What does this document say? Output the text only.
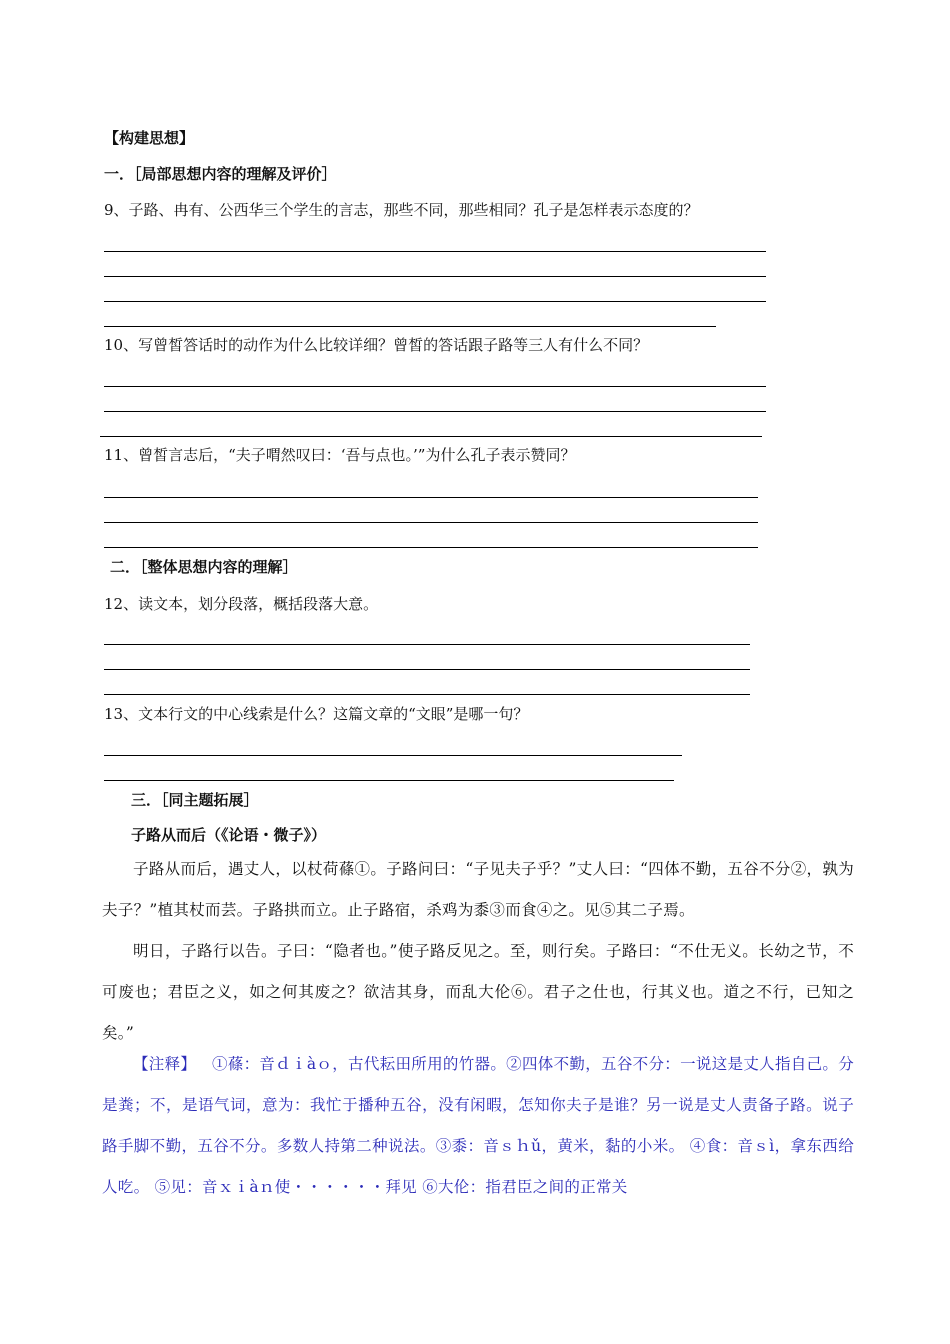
【构建思想】
一．［局部思想内容的理解及评价］
9、子路、冉有、公西华三个学生的言志，那些不同，那些相同？孔子是怎样表示态度的？
10、写曾皙答话时的动作为什么比较详细？曾皙的答话跟子路等三人有什么不同？
11、曾皙言志后，“夫子喟然叹曰：‘吾与点也。’”为什么孔子表示赞同？
二．［整体思想内容的理解］
12、读文本，划分段落，概括段落大意。
13、文本行文的中心线索是什么？这篇文章的“文眼”是哪一句？
三．［同主题拓展］
子路从而后（《论语・微子》）
子路从而后，遇丈人，以杖荷蓧①。子路问曰：“子见夫子乎？”丈人曰：“四体不勤，五谷不分②，孰为夫子？”植其杖而芸。子路拱而立。止子路宿，杀鸡为黍③而食④之。见⑤其二子焉。
明日，子路行以告。子曰：“隐者也。”使子路反见之。至，则行矣。子路曰：“不仕无义。长幼之节，不可废也；君臣之义，如之何其废之？欲洁其身，而乱大伦⑥。君子之仕也，行其义也。道之不行，已知之矣。”
【注释】 ①蓧：音ｄｉàｏ，古代耘田所用的竹器。②四体不勤，五谷不分：一说这是丈人指自己。分是粪；不，是语气词，意为：我忙于播种五谷，没有闲暇，怎知你夫子是谁？另一说是丈人责备子路。说子路手脚不勤，五谷不分。多数人持第二种说法。③黍：音ｓｈǔ，黄米，黏的小米。 ④食：音ｓì，拿东西给人吃。 ⑤见：音ｘｉàｎ使・・・・・・拜见 ⑥大伦：指君臣之间的正常关
